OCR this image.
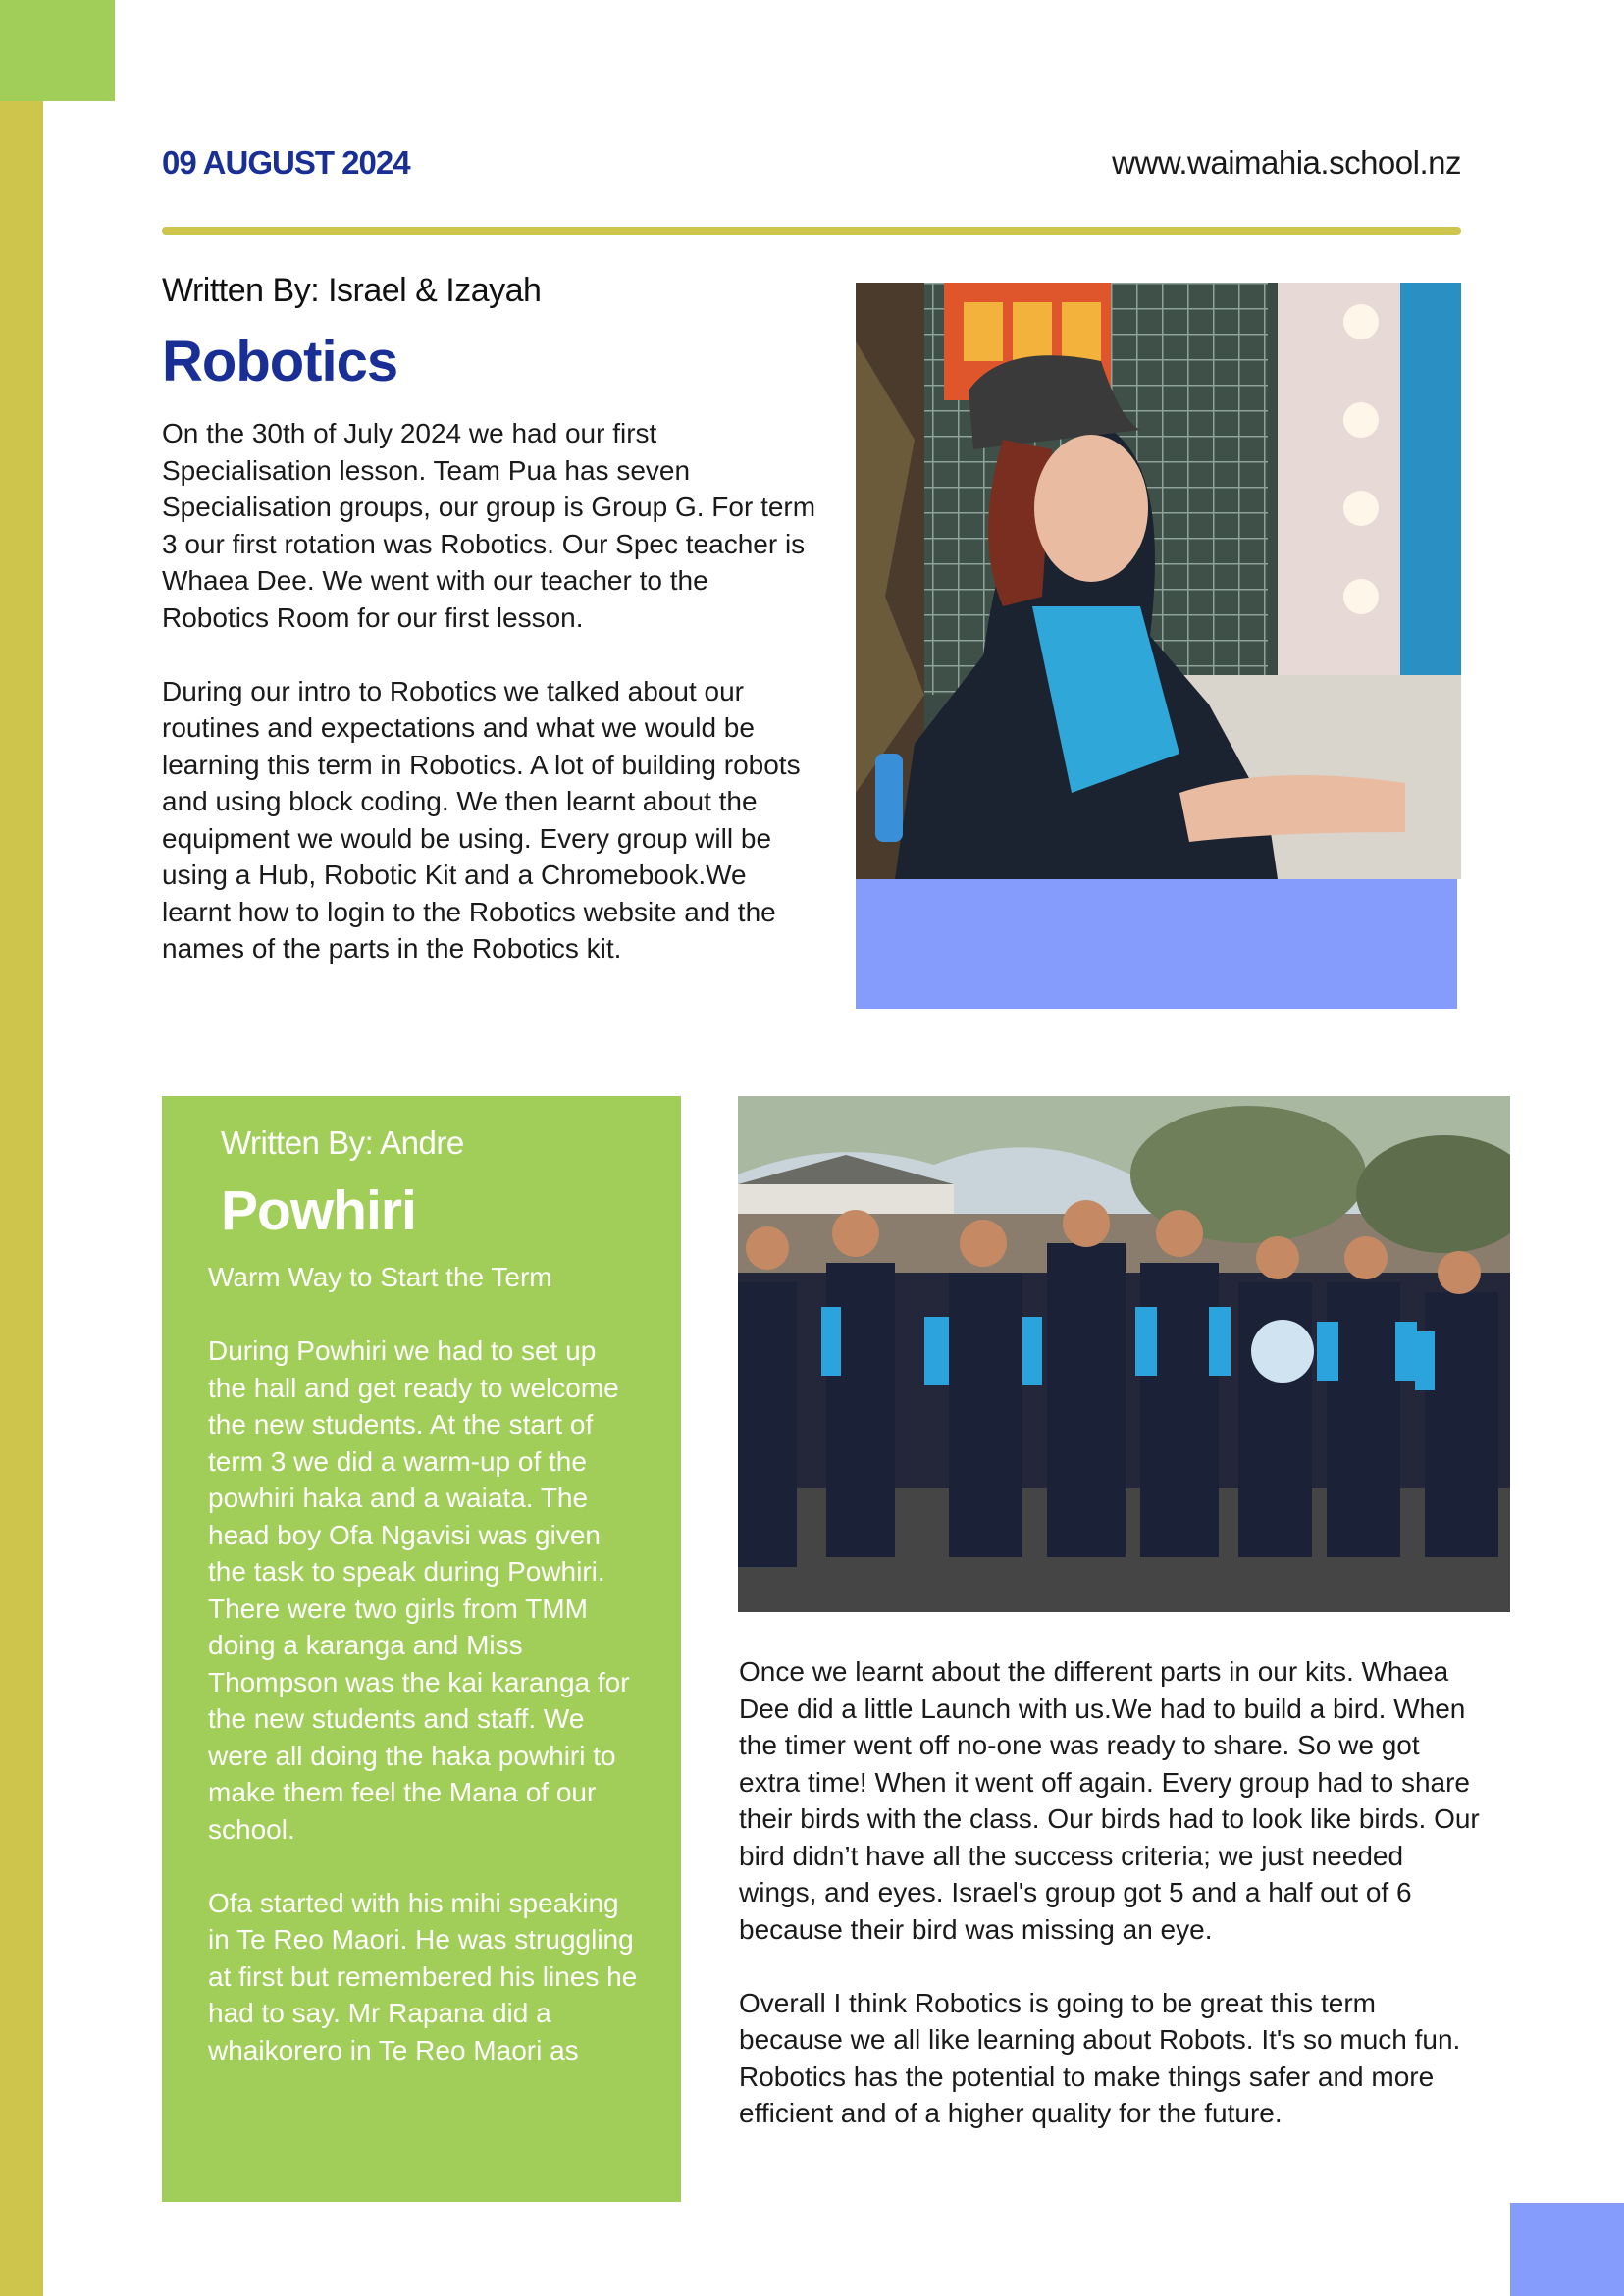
09 AUGUST 2024	www.waimahia.school.nz
Written By: Israel & Izayah
Robotics
On the 30th of July 2024 we had our first Specialisation lesson. Team Pua has seven Specialisation groups, our group is Group G. For term 3 our first rotation was Robotics. Our Spec teacher is Whaea Dee. We went with our teacher to the Robotics Room for our first lesson.

During our intro to Robotics we talked about our routines and expectations and what we would be learning this term in Robotics. A lot of building robots and using block coding. We then learnt about the equipment we would be using. Every group will be using a Hub, Robotic Kit and a Chromebook.We learnt how to login to the Robotics website and the names of the parts in the Robotics kit.
Written By: Andre
Powhiri
Warm Way to Start the Term

During Powhiri we had to set up the hall and get ready to welcome the new students. At the start of term 3 we did a warm-up of the powhiri haka and a waiata. The head boy Ofa Ngavisi was given the task to speak during Powhiri. There were two girls from TMM doing a karanga and Miss Thompson was the kai karanga for the new students and staff. We were all doing the haka powhiri to make them feel the Mana of our school.

Ofa started with his mihi speaking in Te Reo Maori. He was struggling at first but remembered his lines he had to say. Mr Rapana did a whaikorero in Te Reo Maori as
Once we learnt about the different parts in our kits. Whaea Dee did a little Launch with us.We had to build a bird. When the timer went off no-one was ready to share. So we got extra time! When it went off again. Every group had to share their birds with the class. Our birds had to look like birds. Our bird didn’t have all the success criteria; we just needed wings, and eyes. Israel's group got 5 and a half out of 6 because their bird was missing an eye.

Overall I think Robotics is going to be great this term because we all like learning about Robots. It's so much fun. Robotics has the potential to make things safer and more efficient and of a higher quality for the future.
